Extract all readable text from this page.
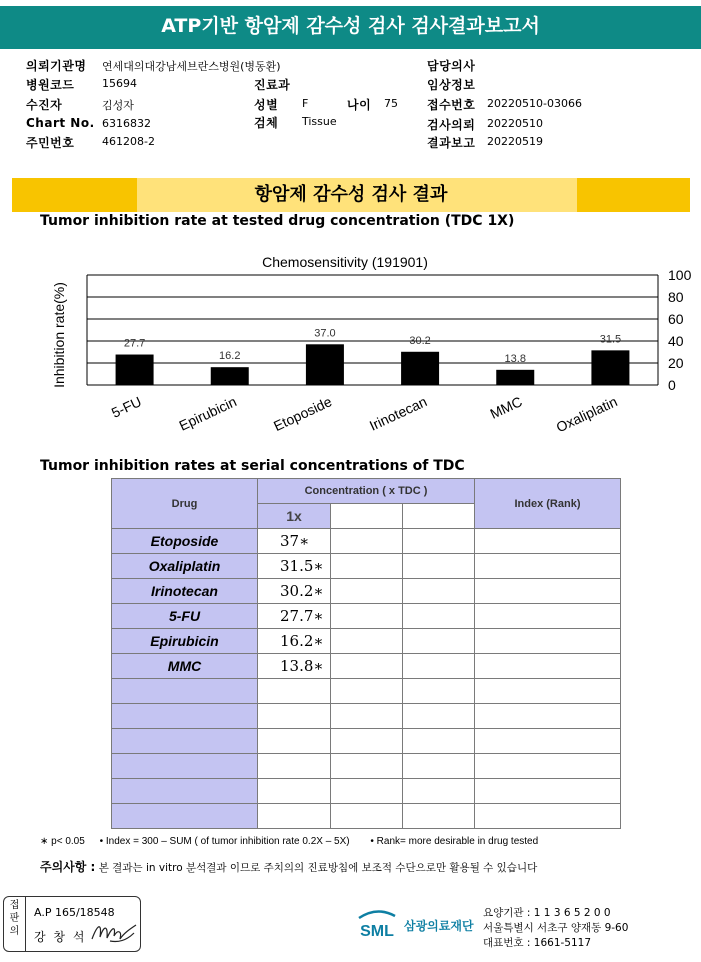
ATP기반 항암제 감수성 검사 검사결과보고서
의뢰기관명 연세대의대강남세브란스병원(병동환)
병원코드	15694
수진자	김성자
Chart No. 6316832
주민번호	461208-2
진료과
성별 F	나이 75
검체 Tissue
담당의사
임상정보
접수번호 20220510-03066
검사의뢰 20220510
결과보고 20220519
항암제 감수성 검사 결과
Tumor inhibition rate at tested drug concentration (TDC 1X)
Chemosensitivity (191901)
Inhibition rate(%)	0
20
40
60
80
100
27.7
16.2
37.0
30.2
13.8
31.5
5-FU Epirubicin Etoposide Irinotecan	MMC Oxaliplatin
Tumor inhibition rates at serial concentrations of TDC
Drug	Concentration ( x TDC )			Index (Rank)
	1x			
Etoposide	37∗			
Oxaliplatin	31.5∗			
Irinotecan	30.2∗			
5-FU	27.7∗			
Epirubicin	16.2∗			
MMC	13.8∗			

∗ p< 0.05 • Index = 300 – SUM ( of tumor inhibition rate 0.2X – 5X) • Rank= more desirable in drug tested
주의사항 : 본 결과는 in vitro 분석결과 이므로 주치의의 진료방침에 보조적 수단으로만 활용될 수 있습니다
접 판 의
A.P 165/18548
강 창 석	SML 삼광의료재단
요양기관 : 1 1 3 6 5 2 0 0
서울특별시 서초구 양재동 9-60
대표번호 : 1661-5117
